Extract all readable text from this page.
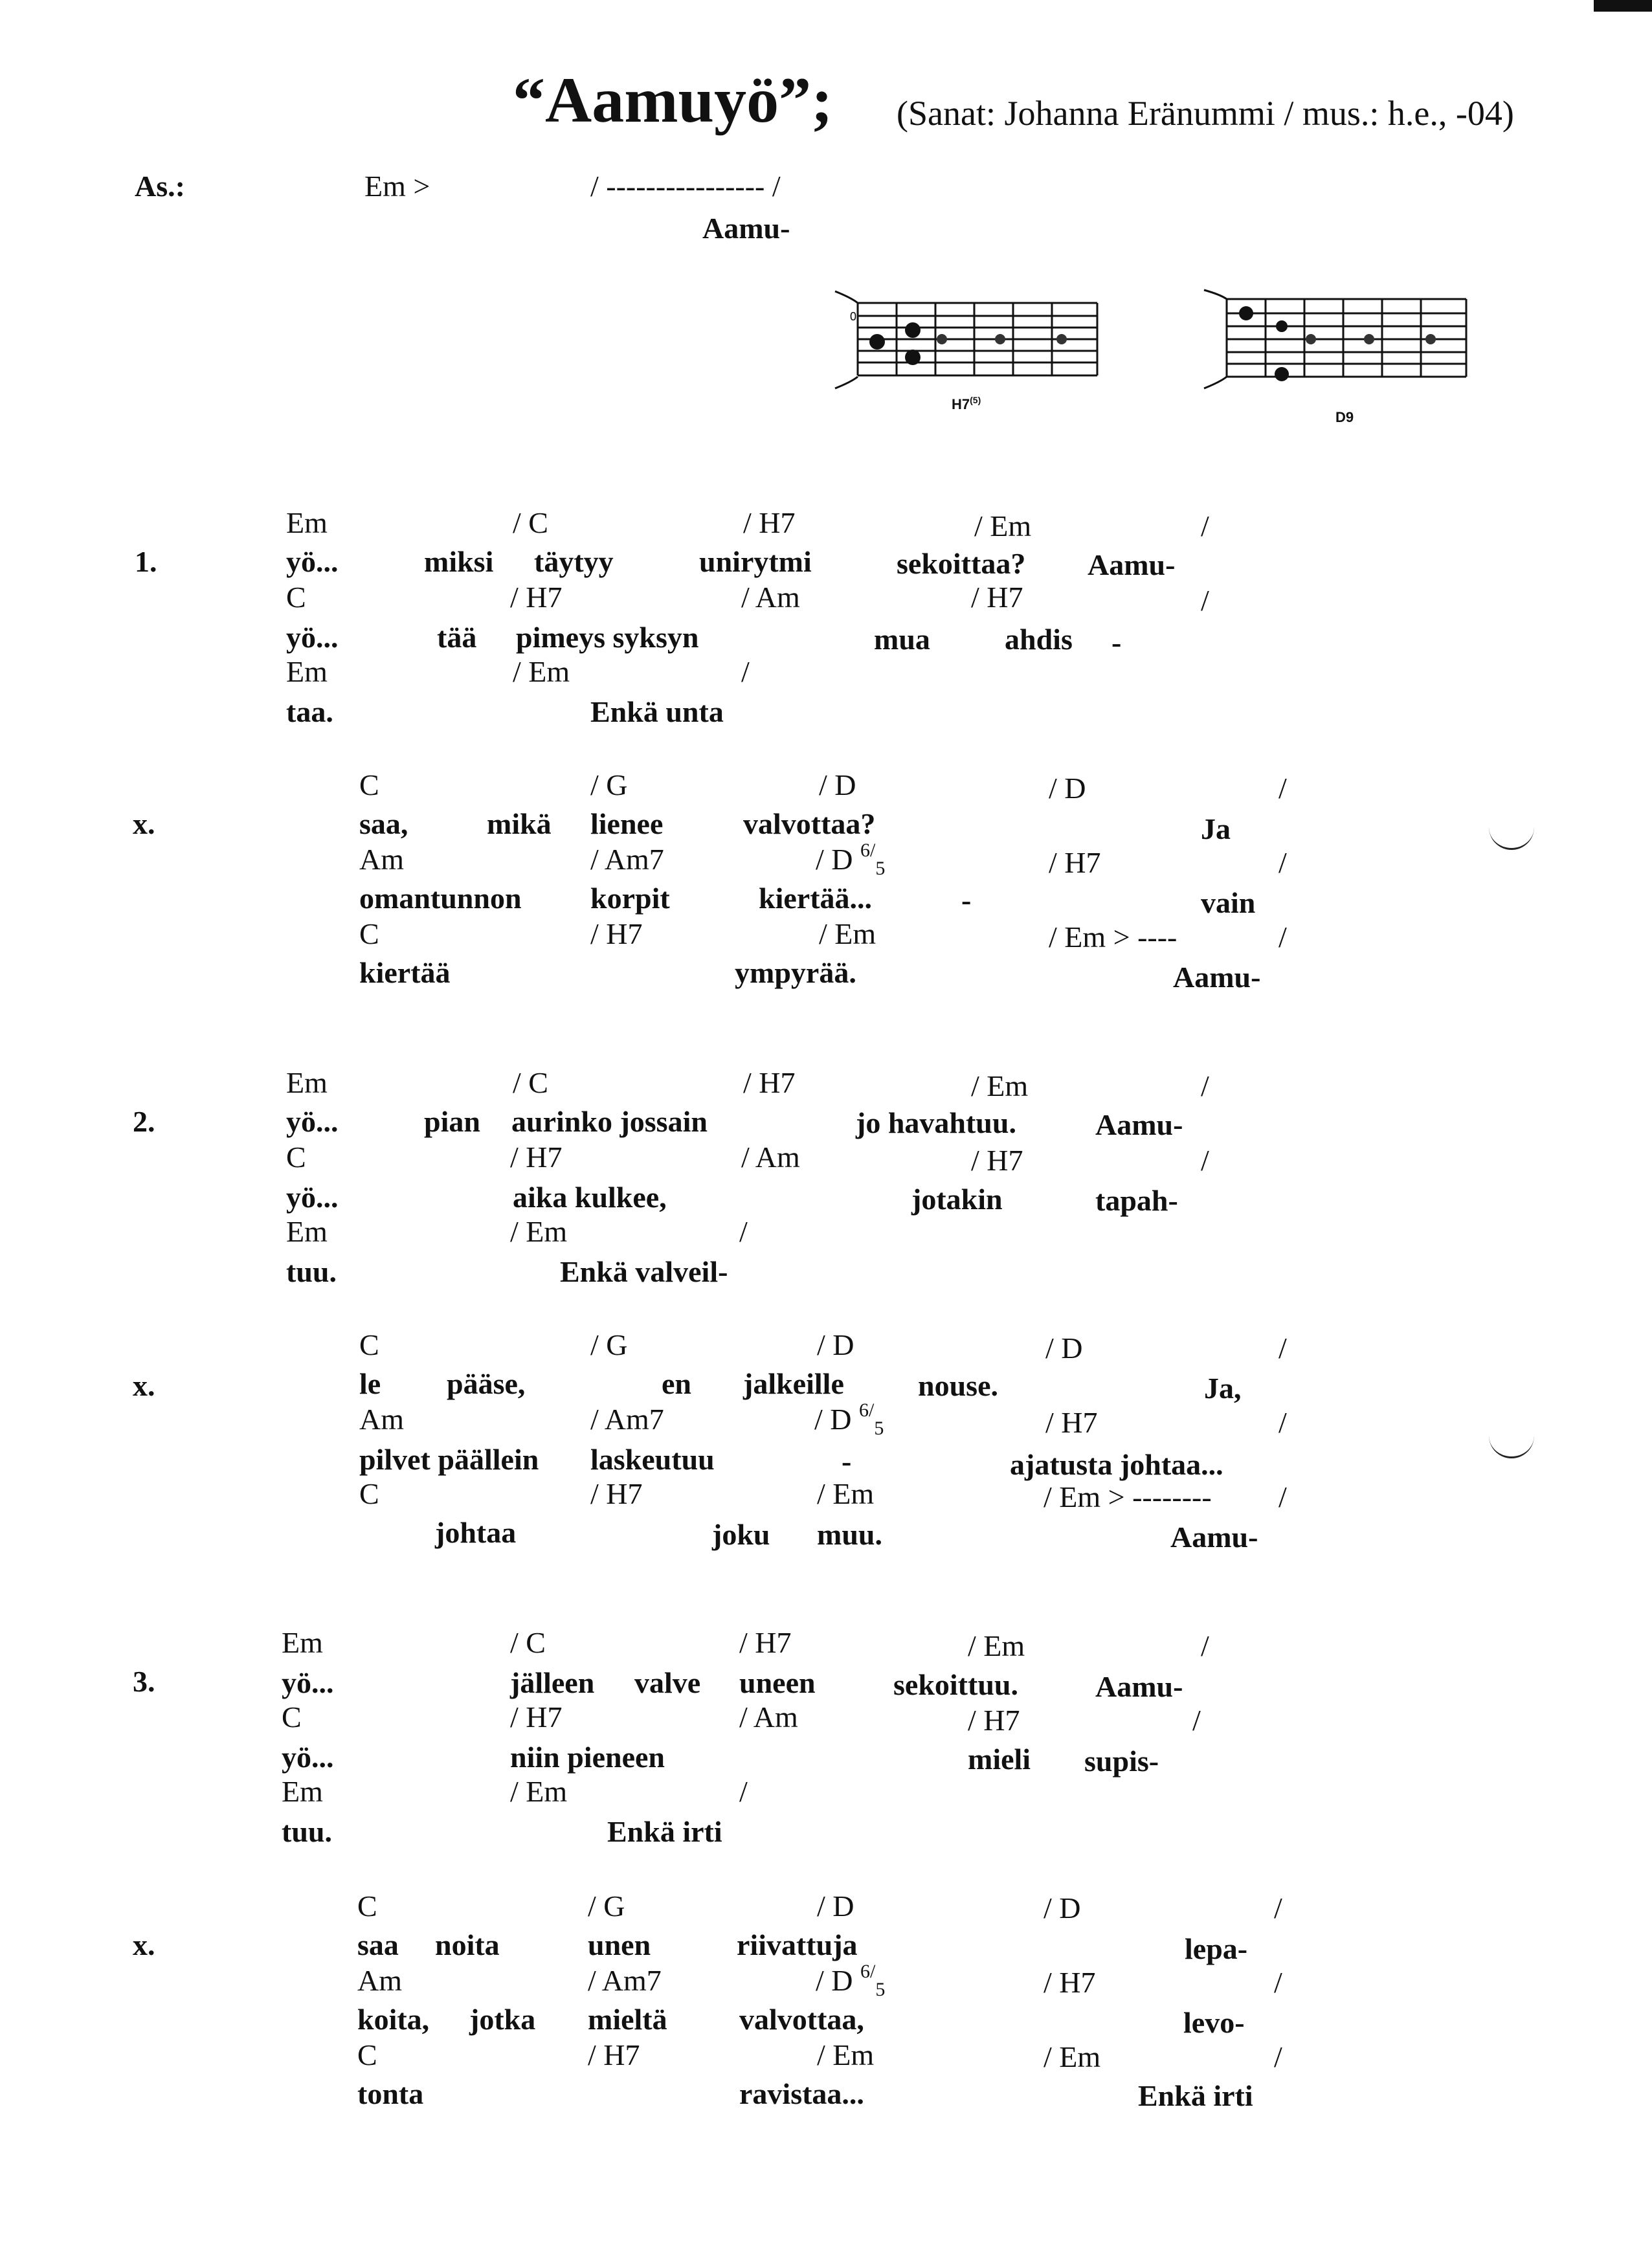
“Aamuyö”; (Sanat: Johanna Eränummi / mus.: h.e., -04)
As.:	Em >	/ ---------------- /
Aamu-
0
H7$^{(5)}$
D9
1.
Em	/ C	/ H7	/ Em	/
yö...	miksi täytyy	unirytmi	sekoittaa? Aamu-
C	/ H7	/ Am	/ H7	/
yö...	tää pimeys syksyn	mua	ahdis -
Em	/ Em	/
taa.	Enkä unta
x.
C	/ G	/ D	/ D	/
saa,	mikä lienee	valvottaa?	Ja
Am	/ Am7	/ D $^{6/}_5$	/ H7	/
omantunnon korpit	kiertää...	-	vain
C	/ H7	/ Em	/ Em > ----	/
kiertää	ympyrää.	Aamu-
2.
Em	/ C	/ H7	/ Em	/
yö...	pian aurinko jossain	jo havahtuu.	Aamu-
C	/ H7	/ Am	/ H7	/
yö...	aika kulkee,	jotakin	tapah-
Em	/ Em	/
tuu.	Enkä valveil-
x.
C	/ G	/ D	/ D	/
le pääse,	en jalkeille nouse.	Ja,
Am	/ Am7	/ D $^{6/}_5$	/ H7	/
pilvet päällein laskeutuu	-	ajatusta johtaa...
C	/ H7	/ Em	/ Em > -------- /
johtaa	joku muu.	Aamu-
3.
Em	/ C	/ H7	/ Em	/
yö...	jälleen valve uneen	sekoittuu.	Aamu-
C	/ H7	/ Am	/ H7	/
yö...	niin pieneen	mieli supis-
Em	/ Em	/
tuu.	Enkä irti
x.
C	/ G	/ D	/ D	/
saa noita	unen	riivattuja	lepa-
Am	/ Am7	/ D $^{6/}_5$	/ H7	/
koita, jotka mieltä valvottaa,	levo-
C	/ H7	/ Em	/ Em	/
tonta	ravistaa...	Enkä irti
